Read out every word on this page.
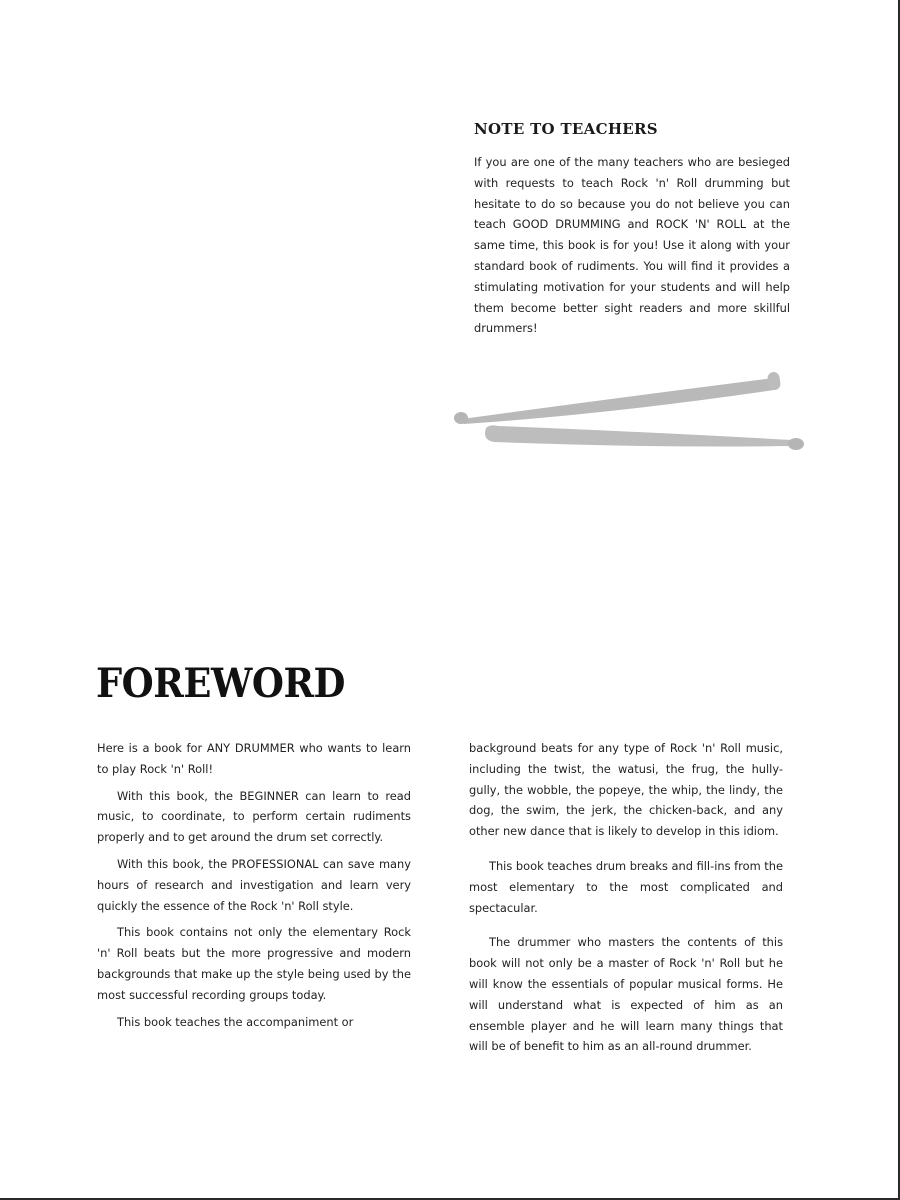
NOTE TO TEACHERS

If you are one of the many teachers who are besieged with requests to teach Rock 'n' Roll drumming but hesitate to do so because you do not believe you can teach GOOD DRUMMING and ROCK 'N' ROLL at the same time, this book is for you! Use it along with your standard book of rudiments. You will find it provides a stimulating motivation for your students and will help them become better sight readers and more skillful drummers!

FOREWORD

Here is a book for ANY DRUMMER who wants to learn to play Rock 'n' Roll!

With this book, the BEGINNER can learn to read music, to coordinate, to perform certain rudiments properly and to get around the drum set correctly.

With this book, the PROFESSIONAL can save many hours of research and investigation and learn very quickly the essence of the Rock 'n' Roll style.

This book contains not only the elementary Rock 'n' Roll beats but the more progressive and modern backgrounds that make up the style being used by the most successful recording groups today.

This book teaches the accompaniment or

background beats for any type of Rock 'n' Roll music, including the twist, the watusi, the frug, the hully-gully, the wobble, the popeye, the whip, the lindy, the dog, the swim, the jerk, the chicken-back, and any other new dance that is likely to develop in this idiom.

This book teaches drum breaks and fill-ins from the most elementary to the most complicated and spectacular.

The drummer who masters the contents of this book will not only be a master of Rock 'n' Roll but he will know the essentials of popular musical forms. He will understand what is expected of him as an ensemble player and he will learn many things that will be of benefit to him as an all-round drummer.
